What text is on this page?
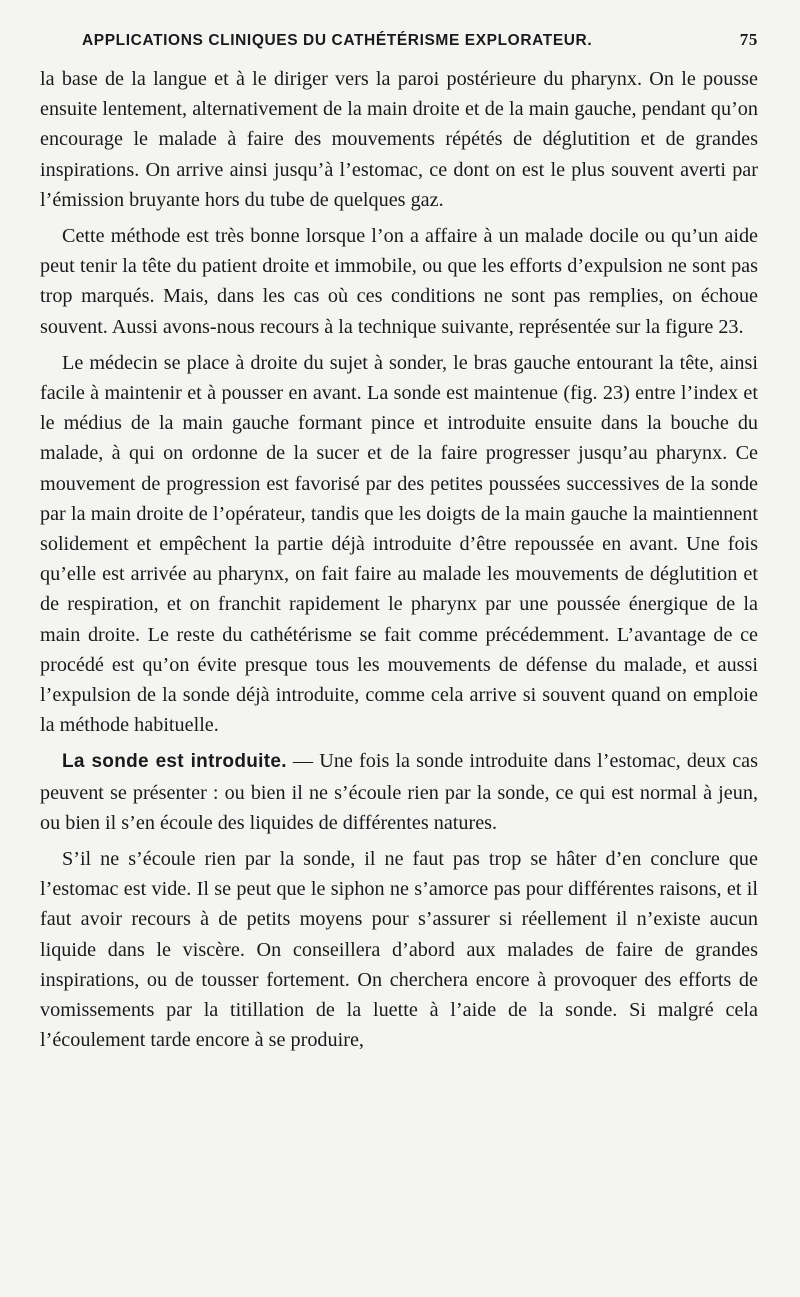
APPLICATIONS CLINIQUES DU CATHÉTÉRISME EXPLORATEUR.	75

la base de la langue et à le diriger vers la paroi postérieure du pharynx. On le pousse ensuite lentement, alternativement de la main droite et de la main gauche, pendant qu’on encourage le malade à faire des mouvements répétés de déglutition et de grandes inspirations. On arrive ainsi jusqu’à l’estomac, ce dont on est le plus souvent averti par l’émission bruyante hors du tube de quelques gaz.

Cette méthode est très bonne lorsque l’on a affaire à un malade docile ou qu’un aide peut tenir la tête du patient droite et immobile, ou que les efforts d’expulsion ne sont pas trop marqués. Mais, dans les cas où ces conditions ne sont pas remplies, on échoue souvent. Aussi avons-nous recours à la technique suivante, représentée sur la figure 23.

Le médecin se place à droite du sujet à sonder, le bras gauche entourant la tête, ainsi facile à maintenir et à pousser en avant. La sonde est maintenue (fig. 23) entre l’index et le médius de la main gauche formant pince et introduite ensuite dans la bouche du malade, à qui on ordonne de la sucer et de la faire progresser jusqu’au pharynx. Ce mouvement de progression est favorisé par des petites poussées successives de la sonde par la main droite de l’opérateur, tandis que les doigts de la main gauche la maintiennent solidement et empêchent la partie déjà introduite d’être repoussée en avant. Une fois qu’elle est arrivée au pharynx, on fait faire au malade les mouvements de déglutition et de respiration, et on franchit rapidement le pharynx par une poussée énergique de la main droite. Le reste du cathétérisme se fait comme précédemment. L’avantage de ce procédé est qu’on évite presque tous les mouvements de défense du malade, et aussi l’expulsion de la sonde déjà introduite, comme cela arrive si souvent quand on emploie la méthode habituelle.

La sonde est introduite. — Une fois la sonde introduite dans l’estomac, deux cas peuvent se présenter : ou bien il ne s’écoule rien par la sonde, ce qui est normal à jeun, ou bien il s’en écoule des liquides de différentes natures.

S’il ne s’écoule rien par la sonde, il ne faut pas trop se hâter d’en conclure que l’estomac est vide. Il se peut que le siphon ne s’amorce pas pour différentes raisons, et il faut avoir recours à de petits moyens pour s’assurer si réellement il n’existe aucun liquide dans le viscère. On conseillera d’abord aux malades de faire de grandes inspirations, ou de tousser fortement. On cherchera encore à provoquer des efforts de vomissements par la titillation de la luette à l’aide de la sonde. Si malgré cela l’écoulement tarde encore à se produire,
